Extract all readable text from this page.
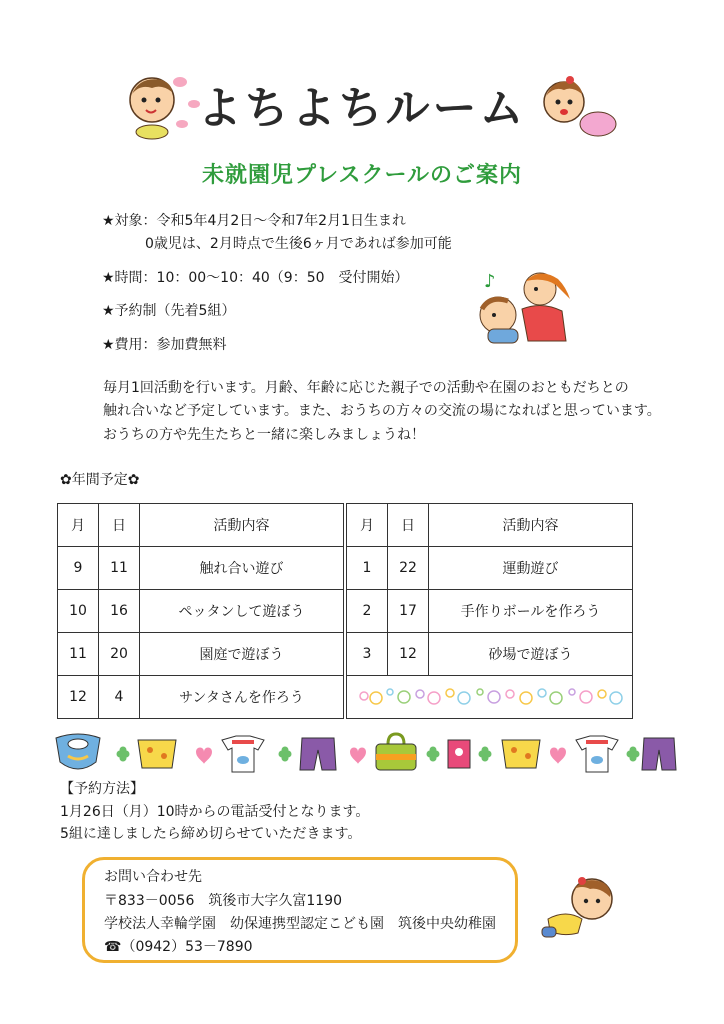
よちよちルーム
未就園児プレスクールのご案内
★対象：令和5年4月2日～令和7年2月1日生まれ
0歳児は、2月時点で生後6ヶ月であれば参加可能
★時間：10：00～10：40（9：50　受付開始）
★予約制（先着5組）
★費用：参加費無料
♪
毎月1回活動を行います。月齢、年齢に応じた親子での活動や在園のおともだちとの
触れ合いなど予定しています。また、おうちの方々の交流の場になればと思っています。
おうちの方や先生たちと一緒に楽しみましょうね！
✿年間予定✿
月	日	活動内容
9	11	触れ合い遊び
10	16	ペッタンして遊ぼう
11	20	園庭で遊ぼう
12	4	サンタさんを作ろう
月	日	活動内容
1	22	運動遊び
2	17	手作りボールを作ろう
3	12	砂場で遊ぼう

【予約方法】
1月26日（月）10時からの電話受付となります。
5組に達しましたら締め切らせていただきます。
お問い合わせ先
〒833－0056　筑後市大字久富1190
学校法人幸輪学園　幼保連携型認定こども園　筑後中央幼稚園
☎（0942）53－7890
